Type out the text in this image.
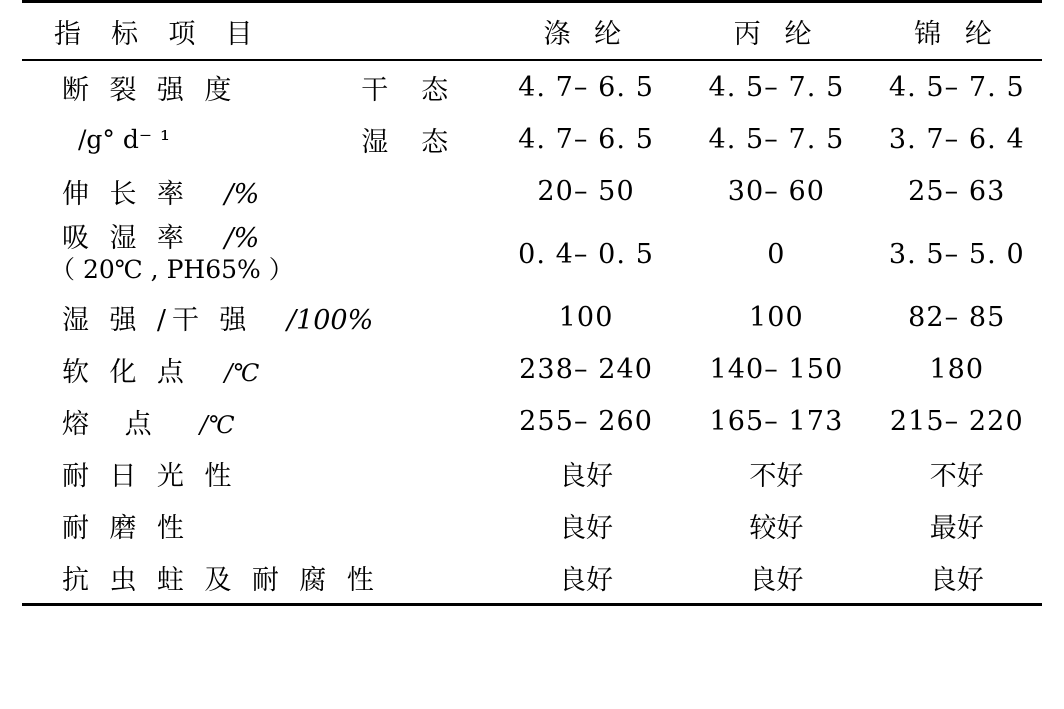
指 标 项 目		涤 纶	丙 纶	锦 纶

断 裂 强 度	干 态	4. 7– 6. 5	4. 5– 7. 5	4. 5– 7. 5
/g° d⁻ ¹	湿 态	4. 7– 6. 5	4. 5– 7. 5	3. 7– 6. 4
伸 长 率 /%		20– 50	30– 60	25– 63

吸 湿 率 /%
（ 20℃ , PH65% ）		0. 4– 0. 5	0	3. 5– 5. 0
湿 强 /干 强 /100%		100	100	82– 85
软 化 点 /℃		238– 240	140– 150	180
熔 点 /℃		255– 260	165– 173	215– 220
耐 日 光 性		良好	不好	不好
耐 磨 性		良好	较好	最好
抗 虫 蛀 及 耐 腐 性		良好	良好	良好
